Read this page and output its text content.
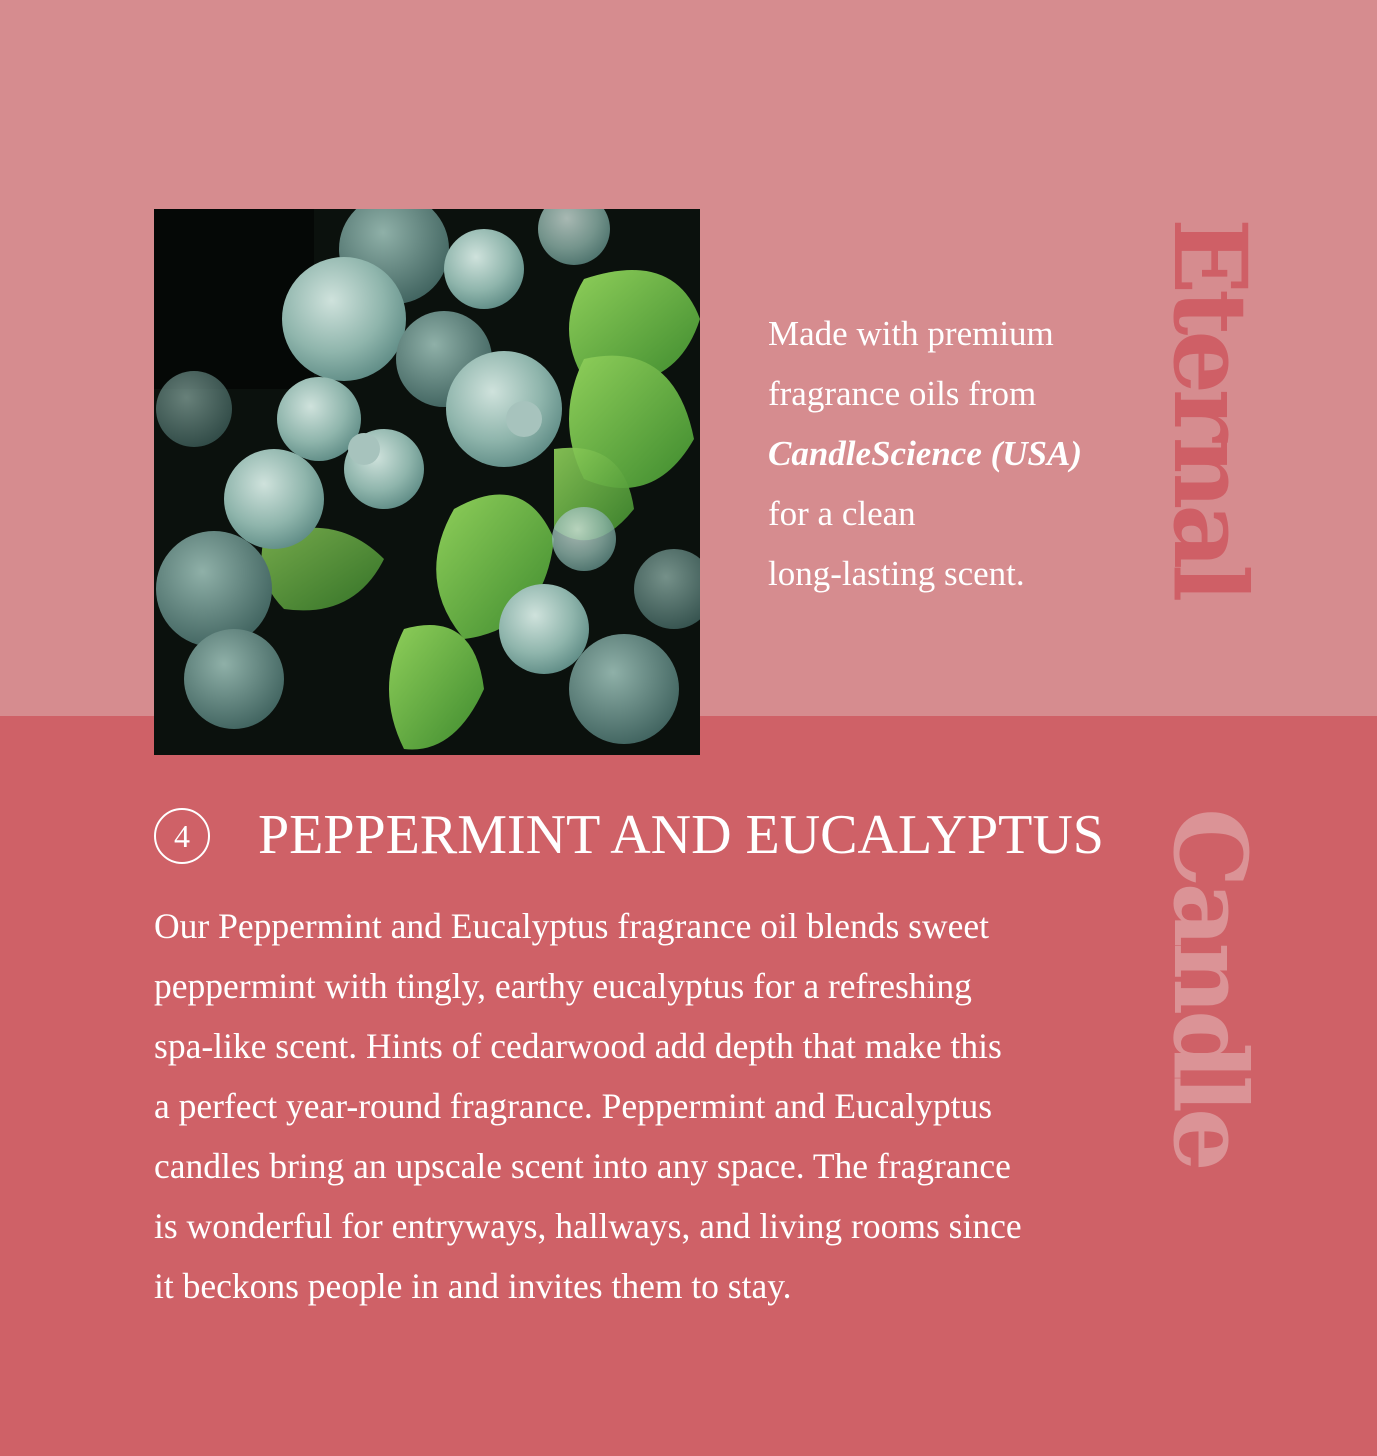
Made with premium
fragrance oils from
CandleScience (USA)
for a clean
long-lasting scent.	Eternal
Candle
4	PEPPERMINT AND EUCALYPTUS
Our Peppermint and Eucalyptus fragrance oil blends sweet
peppermint with tingly, earthy eucalyptus for a refreshing
spa-like scent. Hints of cedarwood add depth that make this
a perfect year-round fragrance. Peppermint and Eucalyptus
candles bring an upscale scent into any space. The fragrance
is wonderful for entryways, hallways, and living rooms since
it beckons people in and invites them to stay.
